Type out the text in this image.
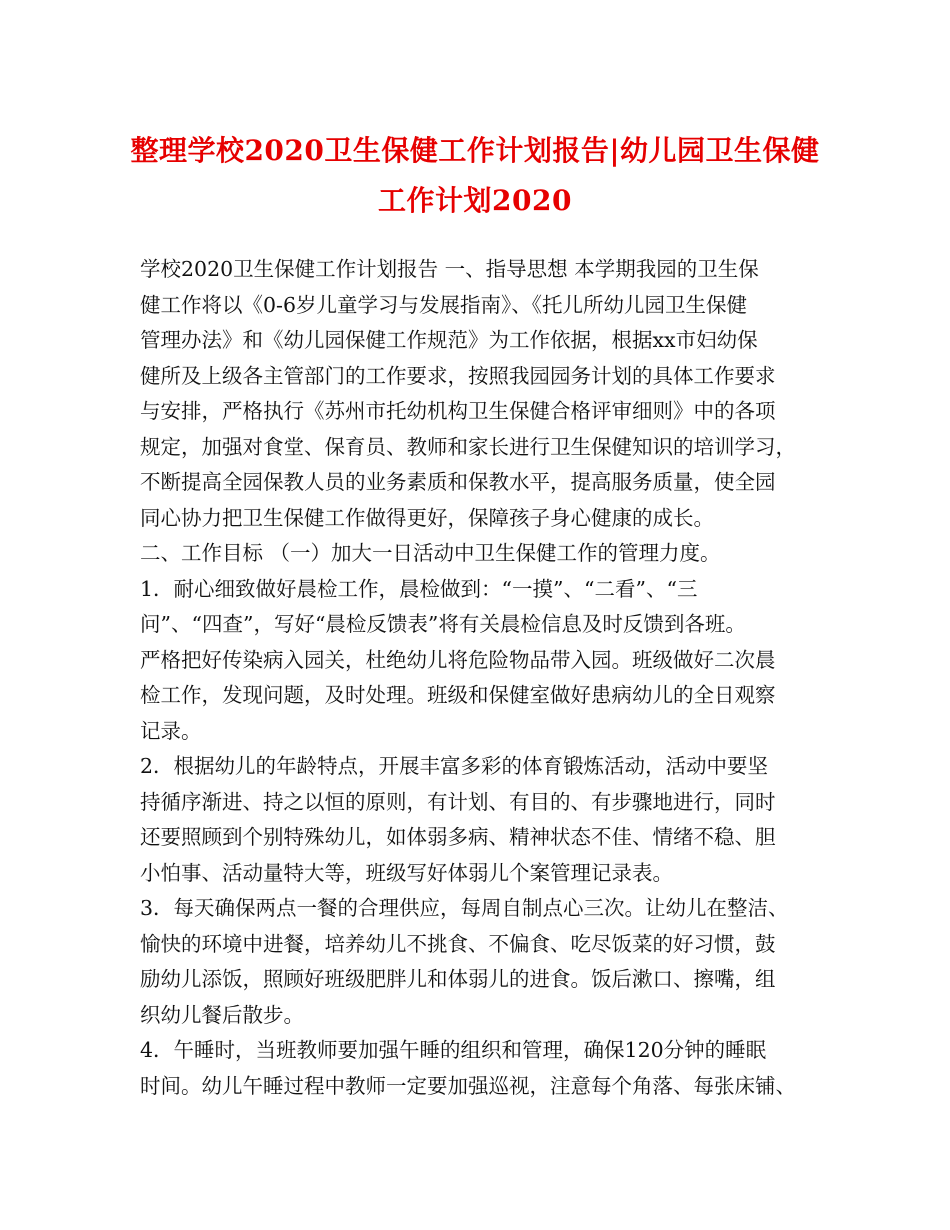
整理学校2020卫生保健工作计划报告|幼儿园卫生保健
工作计划2020
学校2020卫生保健工作计划报告 一、指导思想 本学期我园的卫生保
健工作将以《0-6岁儿童学习与发展指南》、《托儿所幼儿园卫生保健
管理办法》和《幼儿园保健工作规范》为工作依据，根据xx市妇幼保
健所及上级各主管部门的工作要求，按照我园园务计划的具体工作要求
与安排，严格执行《苏州市托幼机构卫生保健合格评审细则》中的各项
规定，加强对食堂、保育员、教师和家长进行卫生保健知识的培训学习，
不断提高全园保教人员的业务素质和保教水平，提高服务质量，使全园
同心协力把卫生保健工作做得更好，保障孩子身心健康的成长。
二、工作目标 （一）加大一日活动中卫生保健工作的管理力度。
1．耐心细致做好晨检工作，晨检做到：“一摸”、“二看”、“三
问”、“四查”，写好“晨检反馈表”将有关晨检信息及时反馈到各班。
严格把好传染病入园关，杜绝幼儿将危险物品带入园。班级做好二次晨
检工作，发现问题，及时处理。班级和保健室做好患病幼儿的全日观察
记录。
2．根据幼儿的年龄特点，开展丰富多彩的体育锻炼活动，活动中要坚
持循序渐进、持之以恒的原则，有计划、有目的、有步骤地进行，同时
还要照顾到个别特殊幼儿，如体弱多病、精神状态不佳、情绪不稳、胆
小怕事、活动量特大等，班级写好体弱儿个案管理记录表。
3．每天确保两点一餐的合理供应，每周自制点心三次。让幼儿在整洁、
愉快的环境中进餐，培养幼儿不挑食、不偏食、吃尽饭菜的好习惯，鼓
励幼儿添饭，照顾好班级肥胖儿和体弱儿的进食。饭后漱口、擦嘴，组
织幼儿餐后散步。
4．午睡时，当班教师要加强午睡的组织和管理，确保120分钟的睡眠
时间。幼儿午睡过程中教师一定要加强巡视，注意每个角落、每张床铺、
